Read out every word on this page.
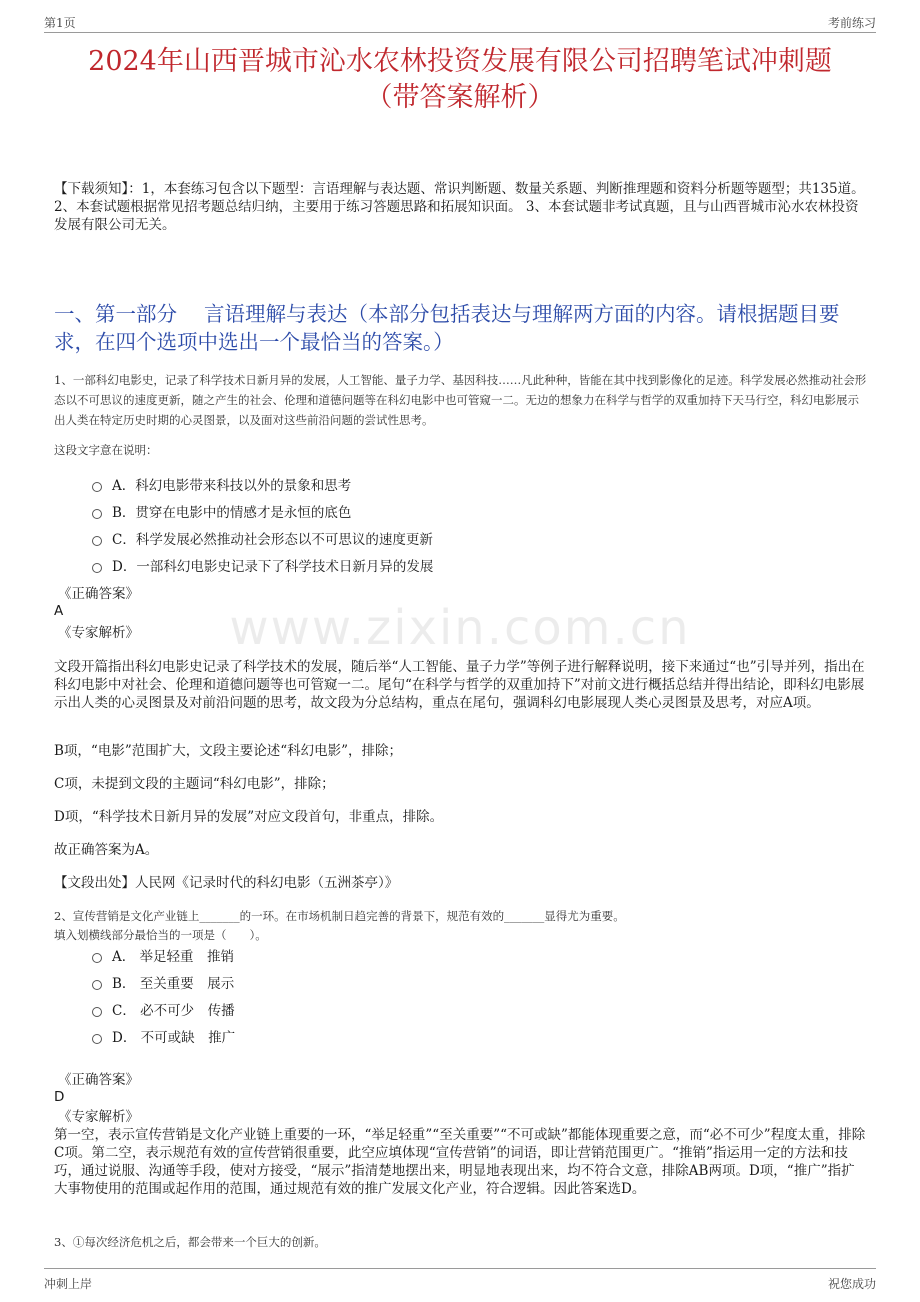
第1页	考前练习
2024年山西晋城市沁水农林投资发展有限公司招聘笔试冲刺题
（带答案解析）
【下载须知】：1，本套练习包含以下题型：言语理解与表达题、常识判断题、数量关系题、判断推理题和资料分析题等题型；共135道。 2、本套试题根据常见招考题总结归纳，主要用于练习答题思路和拓展知识面。 3、本套试题非考试真题，且与山西晋城市沁水农林投资发展有限公司无关。
一、第一部分　 言语理解与表达（本部分包括表达与理解两方面的内容。请根据题目要求，在四个选项中选出一个最恰当的答案。）
1、一部科幻电影史，记录了科学技术日新月异的发展，人工智能、量子力学、基因科技……凡此种种，皆能在其中找到影像化的足迹。科学发展必然推动社会形态以不可思议的速度更新，随之产生的社会、伦理和道德问题等在科幻电影中也可管窥一二。无边的想象力在科学与哲学的双重加持下天马行空，科幻电影展示出人类在特定历史时期的心灵图景，以及面对这些前沿问题的尝试性思考。
这段文字意在说明：
A．科幻电影带来科技以外的景象和思考
B．贯穿在电影中的情感才是永恒的底色
C．科学发展必然推动社会形态以不可思议的速度更新
D．一部科幻电影史记录下了科学技术日新月异的发展
《正确答案》
A
《专家解析》
文段开篇指出科幻电影史记录了科学技术的发展，随后举“人工智能、量子力学”等例子进行解释说明，接下来通过“也”引导并列，指出在科幻电影中对社会、伦理和道德问题等也可管窥一二。尾句“在科学与哲学的双重加持下”对前文进行概括总结并得出结论，即科幻电影展示出人类的心灵图景及对前沿问题的思考，故文段为分总结构，重点在尾句，强调科幻电影展现人类心灵图景及思考，对应A项。
B项，“电影”范围扩大，文段主要论述“科幻电影”，排除；
C项，未提到文段的主题词“科幻电影”，排除；
D项，“科学技术日新月异的发展”对应文段首句，非重点，排除。
故正确答案为A。
【文段出处】人民网《记录时代的科幻电影（五洲茶亭）》
2、宣传营销是文化产业链上_______的一环。在市场机制日趋完善的背景下，规范有效的_______显得尤为重要。
填入划横线部分最恰当的一项是（　　）。
A． 举足轻重　推销
B． 至关重要　展示
C． 必不可少　传播
D． 不可或缺　推广
《正确答案》
D
《专家解析》
第一空，表示宣传营销是文化产业链上重要的一环，“举足轻重”“至关重要”“不可或缺”都能体现重要之意，而“必不可少”程度太重，排除C项。第二空，表示规范有效的宣传营销很重要，此空应填体现“宣传营销”的词语，即让营销范围更广。“推销”指运用一定的方法和技巧，通过说服、沟通等手段，使对方接受，“展示”指清楚地摆出来，明显地表现出来，均不符合文意，排除AB两项。D项，“推广”指扩大事物使用的范围或起作用的范围，通过规范有效的推广发展文化产业，符合逻辑。因此答案选D。
3、①每次经济危机之后，都会带来一个巨大的创新。
www.zixin.com.cn
冲刺上岸	祝您成功
